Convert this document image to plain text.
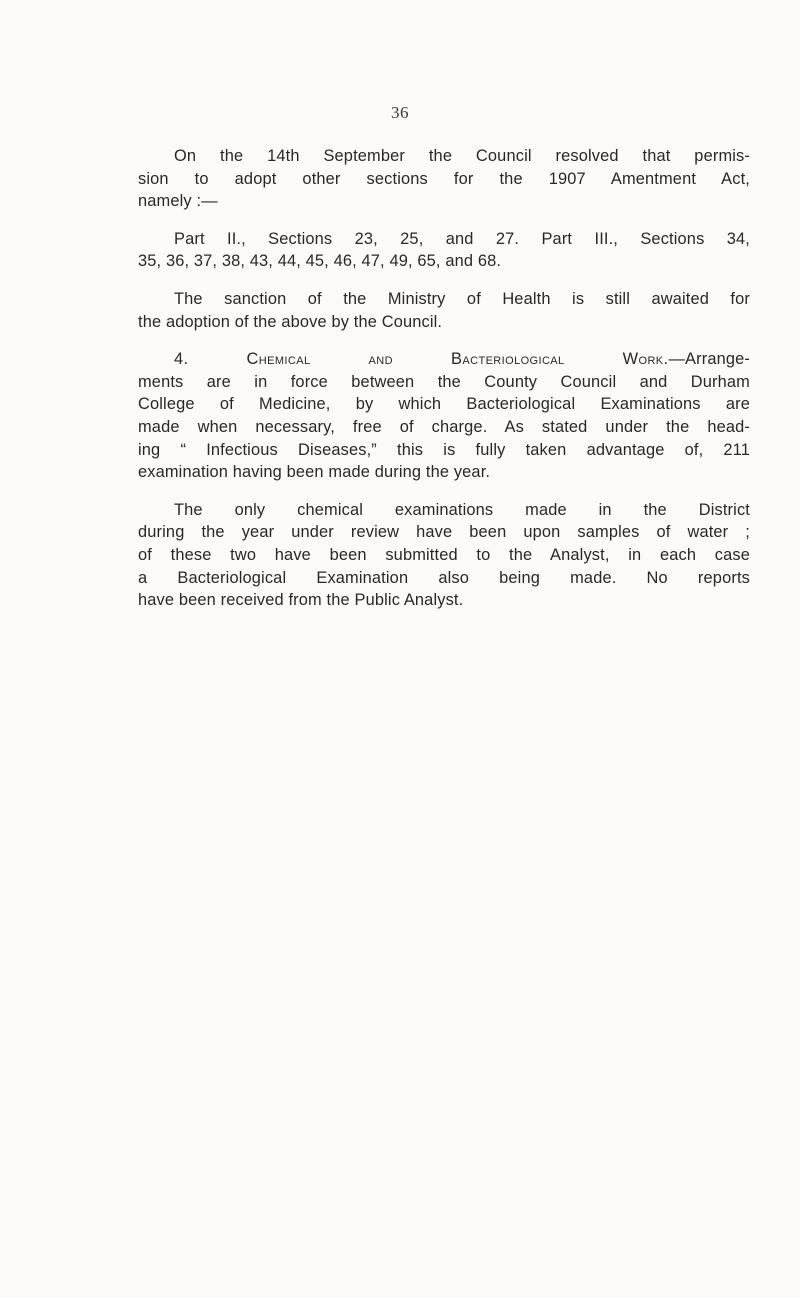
36
On the 14th September the Council resolved that permis-
sion to adopt other sections for the 1907 Amentment Act,
namely :—
Part II., Sections 23, 25, and 27. Part III., Sections 34,
35, 36, 37, 38, 43, 44, 45, 46, 47, 49, 65, and 68.
The sanction of the Ministry of Health is still awaited for
the adoption of the above by the Council.
4. Chemical and Bacteriological Work.—Arrange-
ments are in force between the County Council and Durham
College of Medicine, by which Bacteriological Examinations are
made when necessary, free of charge. As stated under the head-
ing “ Infectious Diseases,” this is fully taken advantage of, 211
examination having been made during the year.
The only chemical examinations made in the District
during the year under review have been upon samples of water ;
of these two have been submitted to the Analyst, in each case
a Bacteriological Examination also being made. No reports
have been received from the Public Analyst.
